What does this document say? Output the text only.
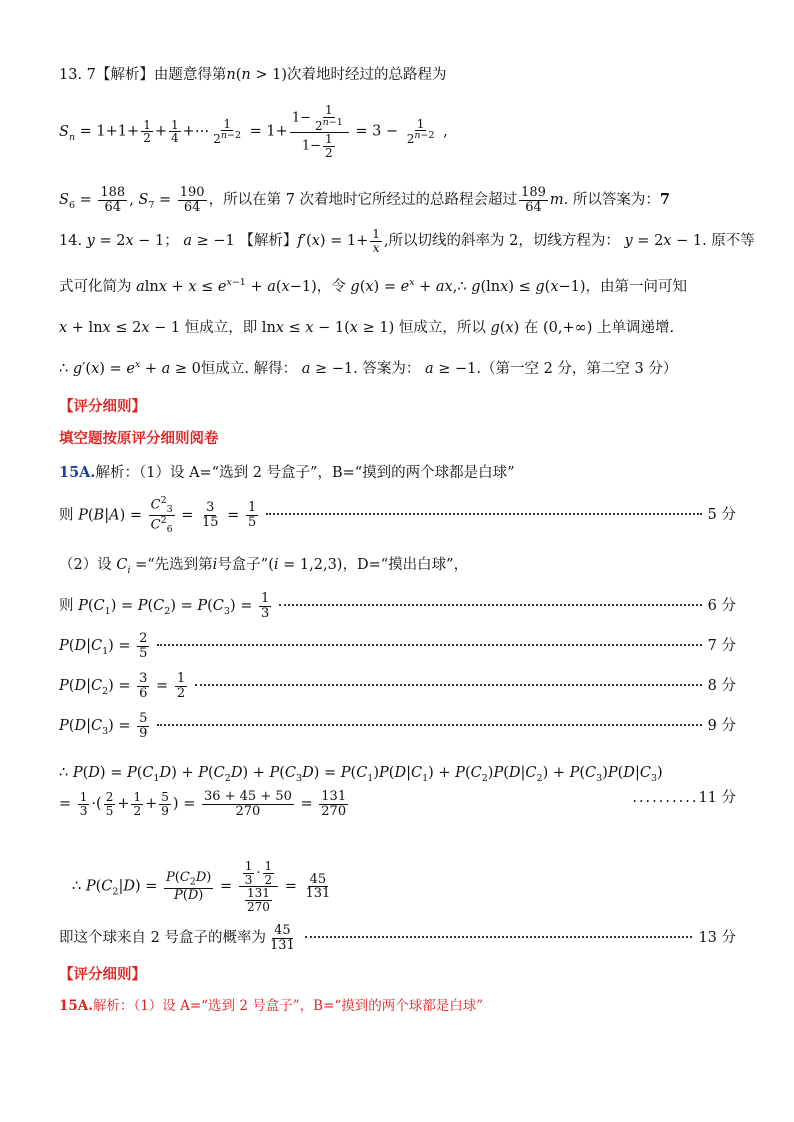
13. 7【解析】由题意得第n(n > 1)次着地时经过的总路程为
$S_n = 1+1+ \frac{1}{2} + \frac{1}{4}$ +⋯ $\frac{1}{2^{n-2}} = 1+ \frac{1- \frac{1}{2^{n-1}}}{1- \frac{1}{2}} = 3 - \frac{1}{2^{n-2}}$ ,
$S_6 = \frac{188}{64}$ , $S_7 = \frac{190}{64}$ ，所以在第 7 次着地时它所经过的总路程会超过 $\frac{189}{64} m$. 所以答案为：7
14. y = 2x − 1； a ≥ −1 【解析】$f'(x) = 1+ \frac{1}{x}$ ,所以切线的斜率为 2，切线方程为： y = 2x − 1. 原不等
式可化简为 $alnx + x \le e^{x-1} + a(x-1)$，令 $g(x) = e^x$ + ax,∴ g(lnx) ≤ g(x−1)，由第一问可知
x + lnx ≤ 2x − 1 恒成立，即 lnx ≤ x − 1(x ≥ 1) 恒成立，所以 g(x) 在 (0,+∞) 上单调递增.
∴ $g'(x) = e^x + a \ge 0$恒成立. 解得： a ≥ −1. 答案为： a ≥ −1.（第一空 2 分，第二空 3 分）
【评分细则】
填空题按原评分细则阅卷
15A.解析：（1）设 A=“选到 2 号盒子”，B=“摸到的两个球都是白球”
则 $P(B|A) = \frac{C^2_3}{C^2_6} = \frac{3}{15} = \frac{1}{5}$	5 分
（2）设 $C_i$ =“先选到第i号盒子”(i = 1,2,3)，D=“摸出白球”，
则 $P(C_1) = P(C_2) = P(C_3) = \frac{1}{3}$	6 分
$P(D|C_1) = \frac{2}{5}$	7 分
$P(D|C_2) = \frac{3}{6} = \frac{1}{2}$	8 分
$P(D|C_3) = \frac{5}{9}$	9 分
∴ $P(D) = P(C_1D) + P(C_2D) + P(C_3D) = P(C_1)P(D|C_1) + P(C_2)P(D|C_2) + P(C_3)P(D|C_3)$
= $\frac{1}{3}$ ·( $\frac{2}{5} + \frac{1}{2} + \frac{5}{9}$ ) = $\frac{36 + 45 + 50}{270} = \frac{131}{270}$	..........11 分
∴ $P(C_2|D) = \frac{P(C_2D)}{P(D)} = \frac{\frac{1}{3} \cdot \frac{1}{2}}{\frac{131}{270}} = \frac{45}{131}$
即这个球来自 2 号盒子的概率为 $\frac{45}{131}$	13 分
【评分细则】
15A.解析：（1）设 A=“选到 2 号盒子”，B=“摸到的两个球都是白球”
